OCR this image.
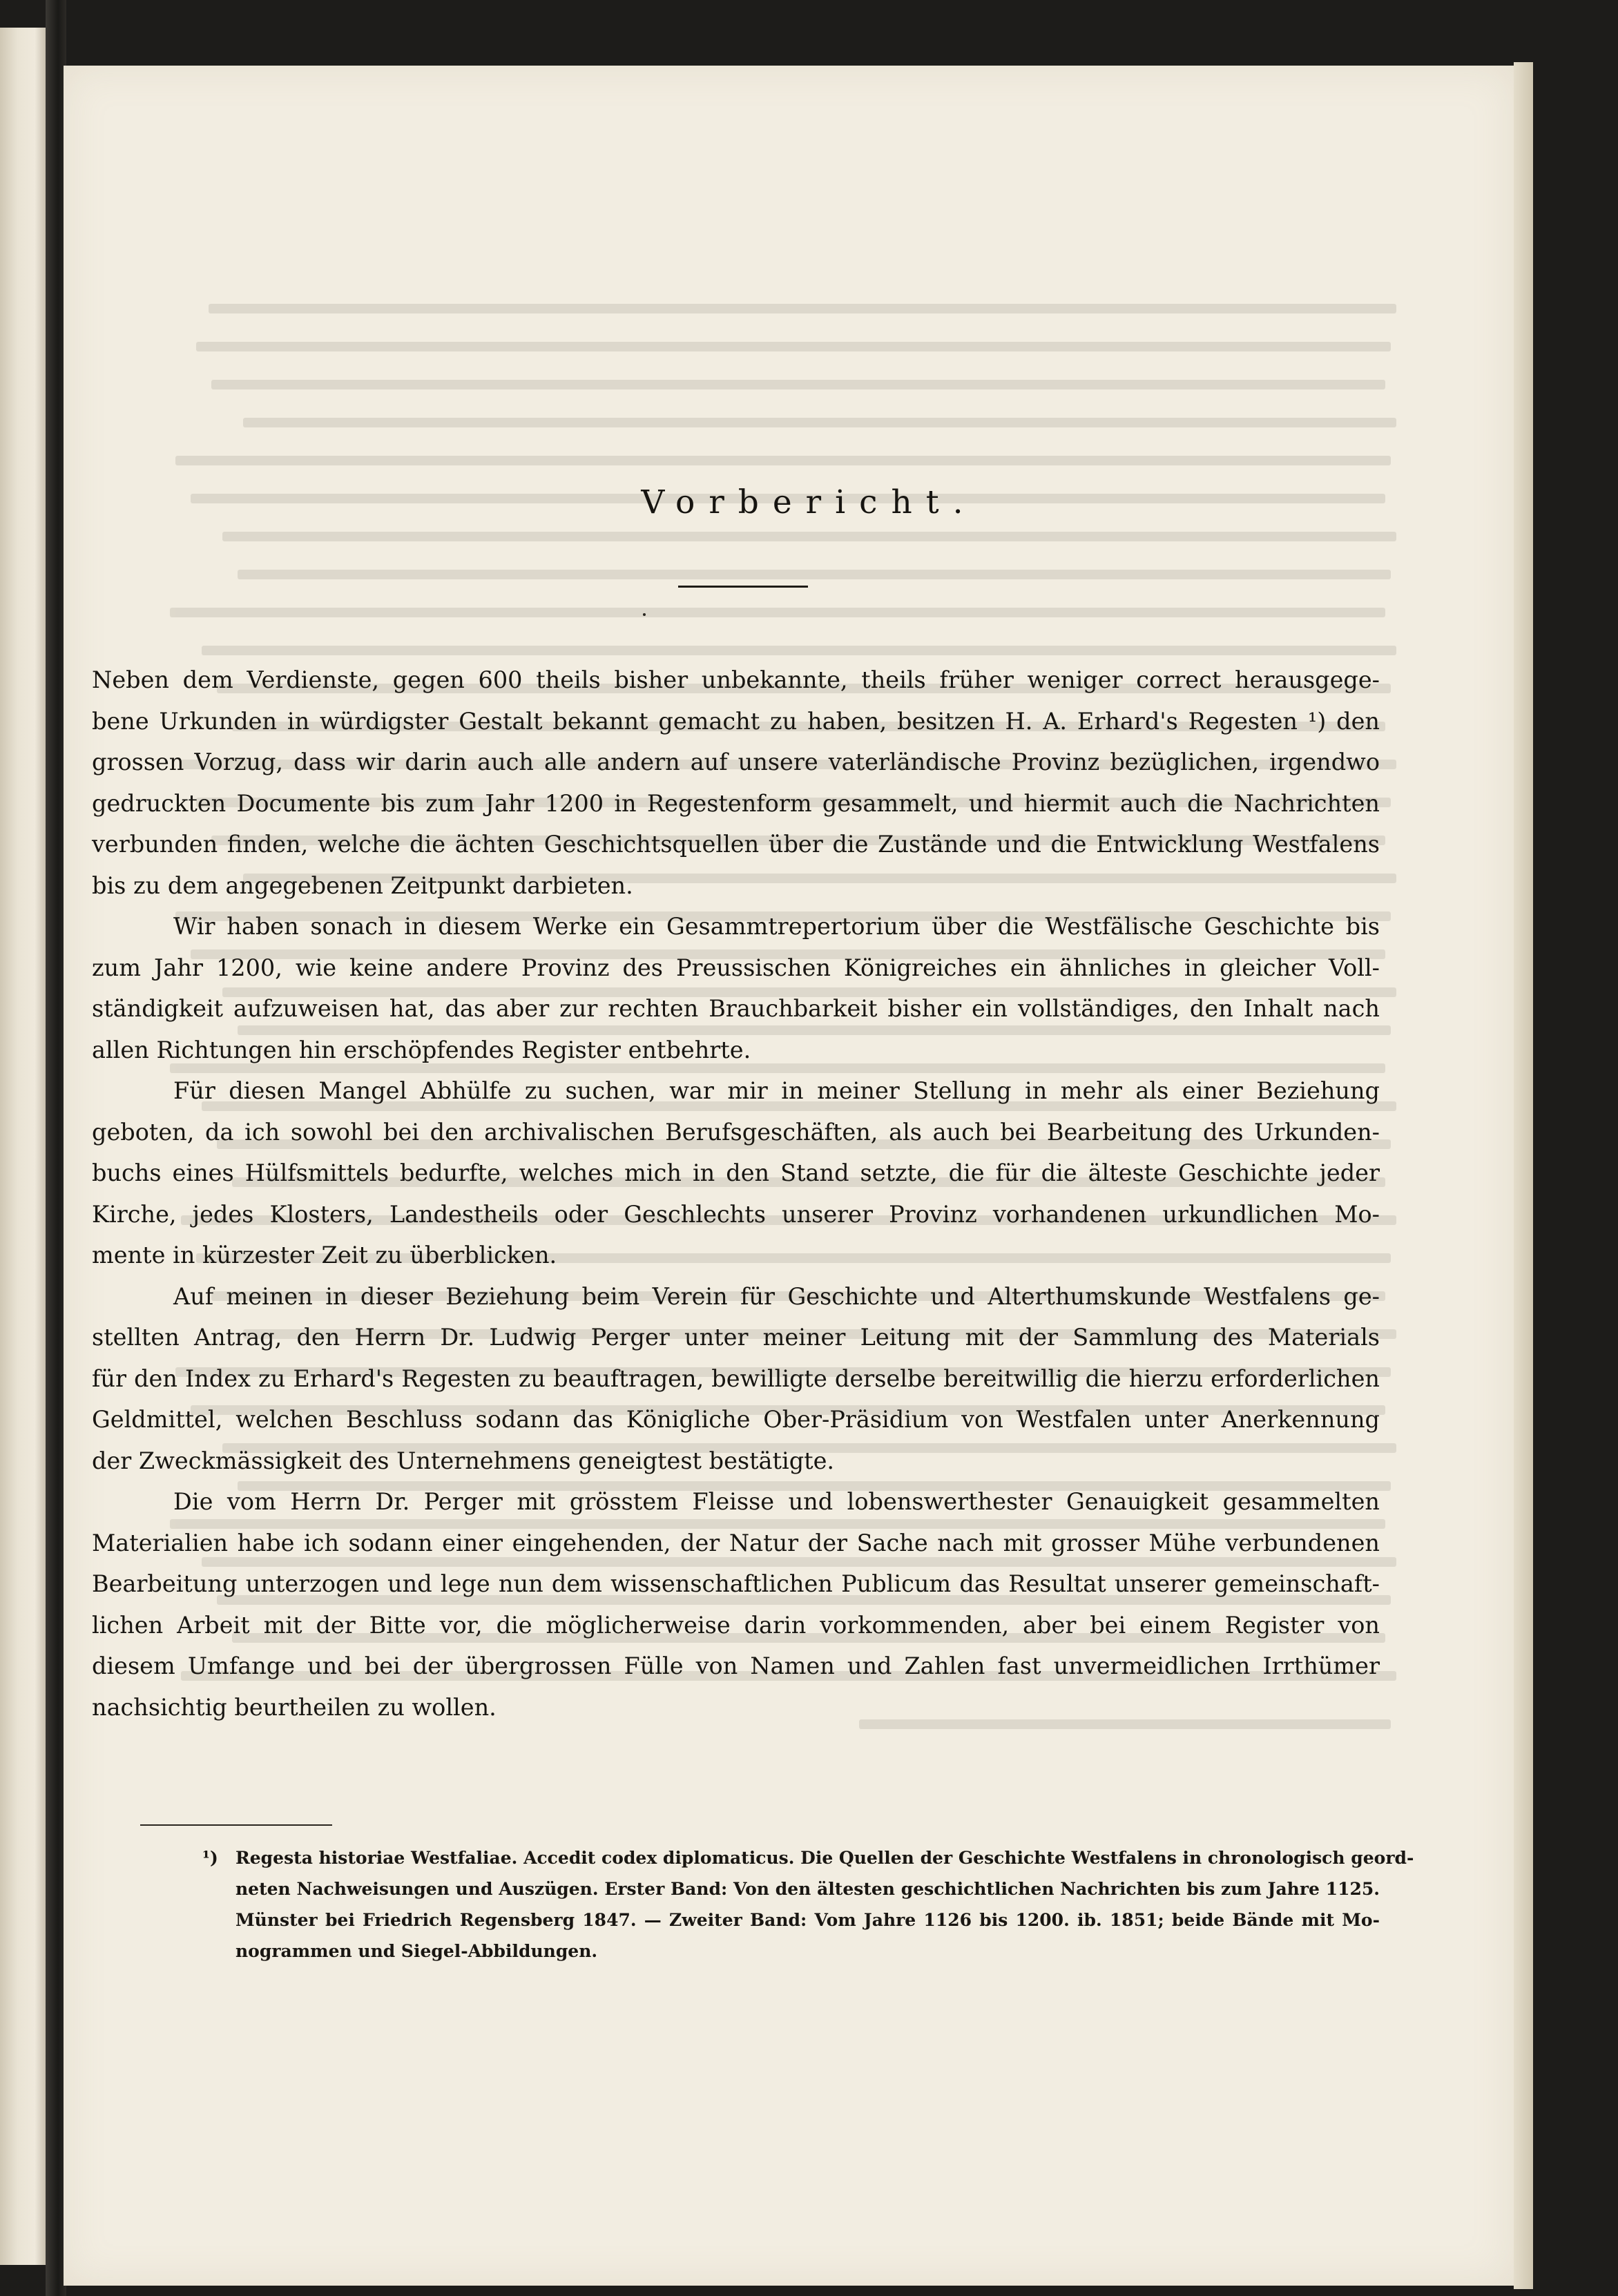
Vorbericht.
Neben dem Verdienste, gegen 600 theils bisher unbekannte, theils früher weniger correct herausgege-
bene Urkunden in würdigster Gestalt bekannt gemacht zu haben, besitzen H. A. Erhard's Regesten ¹) den
grossen Vorzug, dass wir darin auch alle andern auf unsere vaterländische Provinz bezüglichen, irgendwo
gedruckten Documente bis zum Jahr 1200 in Regestenform gesammelt, und hiermit auch die Nachrichten
verbunden finden, welche die ächten Geschichtsquellen über die Zustände und die Entwicklung Westfalens
bis zu dem angegebenen Zeitpunkt darbieten.
Wir haben sonach in diesem Werke ein Gesammtrepertorium über die Westfälische Geschichte bis
zum Jahr 1200, wie keine andere Provinz des Preussischen Königreiches ein ähnliches in gleicher Voll-
ständigkeit aufzuweisen hat, das aber zur rechten Brauchbarkeit bisher ein vollständiges, den Inhalt nach
allen Richtungen hin erschöpfendes Register entbehrte.
Für diesen Mangel Abhülfe zu suchen, war mir in meiner Stellung in mehr als einer Beziehung
geboten, da ich sowohl bei den archivalischen Berufsgeschäften, als auch bei Bearbeitung des Urkunden-
buchs eines Hülfsmittels bedurfte, welches mich in den Stand setzte, die für die älteste Geschichte jeder
Kirche, jedes Klosters, Landestheils oder Geschlechts unserer Provinz vorhandenen urkundlichen Mo-
mente in kürzester Zeit zu überblicken.
Auf meinen in dieser Beziehung beim Verein für Geschichte und Alterthumskunde Westfalens ge-
stellten Antrag, den Herrn Dr. Ludwig Perger unter meiner Leitung mit der Sammlung des Materials
für den Index zu Erhard's Regesten zu beauftragen, bewilligte derselbe bereitwillig die hierzu erforderlichen
Geldmittel, welchen Beschluss sodann das Königliche Ober-Präsidium von Westfalen unter Anerkennung
der Zweckmässigkeit des Unternehmens geneigtest bestätigte.
Die vom Herrn Dr. Perger mit grösstem Fleisse und lobenswerthester Genauigkeit gesammelten
Materialien habe ich sodann einer eingehenden, der Natur der Sache nach mit grosser Mühe verbundenen
Bearbeitung unterzogen und lege nun dem wissenschaftlichen Publicum das Resultat unserer gemeinschaft-
lichen Arbeit mit der Bitte vor, die möglicherweise darin vorkommenden, aber bei einem Register von
diesem Umfange und bei der übergrossen Fülle von Namen und Zahlen fast unvermeidlichen Irrthümer
nachsichtig beurtheilen zu wollen.
¹)	Regesta historiae Westfaliae. Accedit codex diplomaticus. Die Quellen der Geschichte Westfalens in chronologisch geord-
neten Nachweisungen und Auszügen. Erster Band: Von den ältesten geschichtlichen Nachrichten bis zum Jahre 1125.
Münster bei Friedrich Regensberg 1847. — Zweiter Band: Vom Jahre 1126 bis 1200. ib. 1851; beide Bände mit Mo-
nogrammen und Siegel-Abbildungen.
